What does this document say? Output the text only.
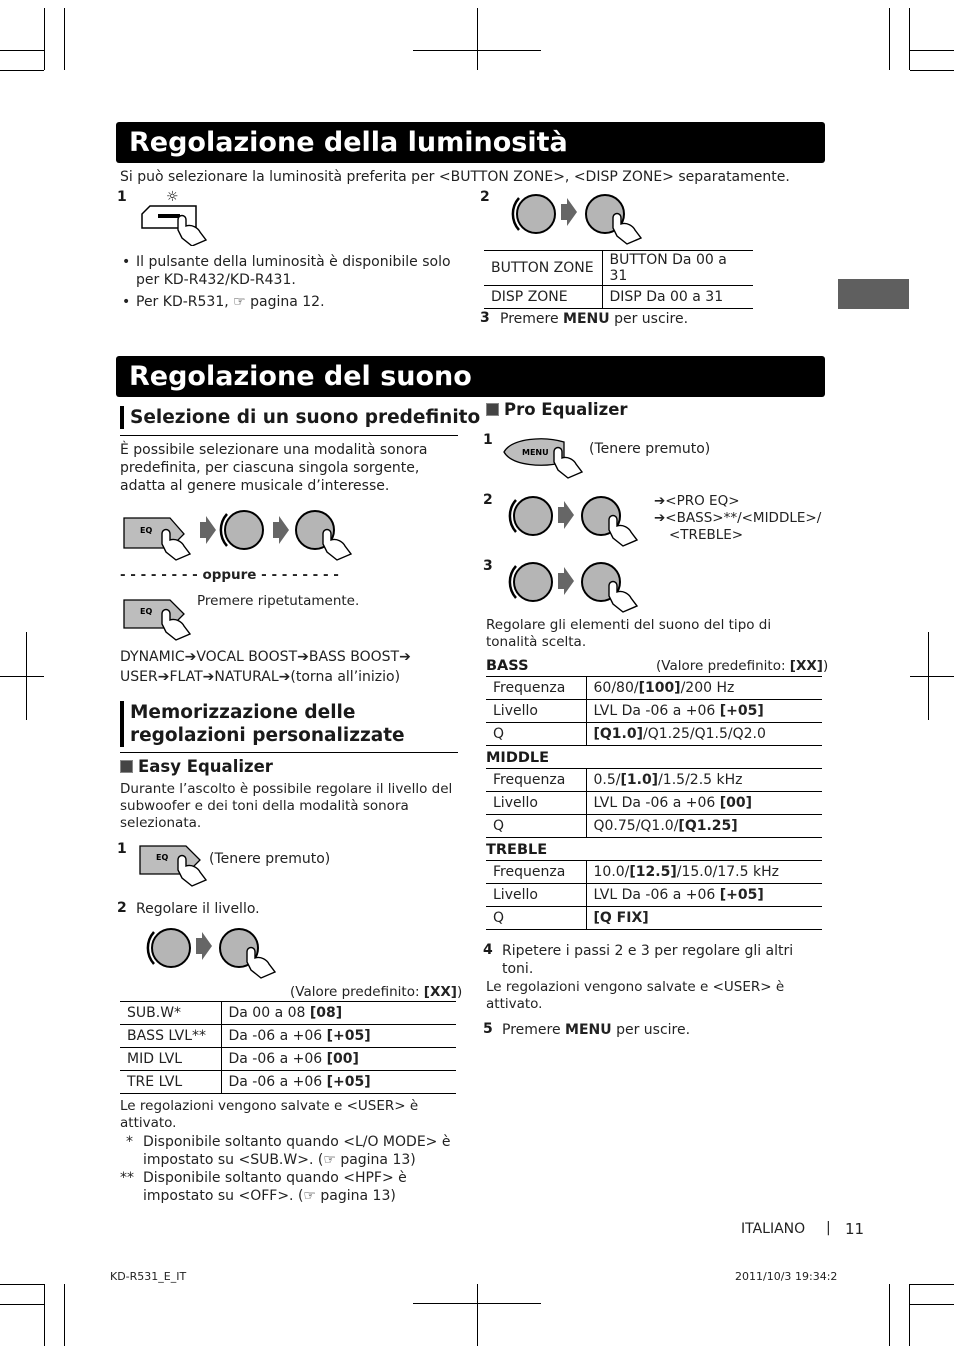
Regolazione della luminosità
Si può selezionare la luminosità preferita per <BUTTON ZONE>, <DISP ZONE> separatamente.
1	☼	2
• Il pulsante della luminosità è disponibile solo per KD-R432/KD-R431.
• Per KD-R531, ☞ pagina 12.
BUTTON ZONE	BUTTON Da 00 a 31
DISP ZONE	DISP Da 00 a 31
3 Premere MENU per uscire.
Regolazione del suono
Selezione di un suono predefinito
È possibile selezionare una modalità sonora predefinita, per ciascuna singola sorgente, adatta al genere musicale d’interesse.
EQ
- - - - - - - - oppure - - - - - - - -
EQ
Premere ripetutamente.
DYNAMIC➔VOCAL BOOST➔BASS BOOST➔
USER➔FLAT➔NATURAL➔(torna all’inizio)
Memorizzazione delle
regolazioni personalizzate
Easy Equalizer
Durante l’ascolto è possibile regolare il livello del subwoofer e dei toni della modalità sonora selezionata.
1
EQ	(Tenere premuto)
2 Regolare il livello.
(Valore predefinito: [XX])
SUB.W*	Da 00 a 08 [08]
BASS LVL**	Da -06 a +06 [+05]
MID LVL	Da -06 a +06 [00]
TRE LVL	Da -06 a +06 [+05]
Le regolazioni vengono salvate e <USER> è attivato.
* Disponibile soltanto quando <L/O MODE> è impostato su <SUB.W>. (☞ pagina 13)
** Disponibile soltanto quando <HPF> è impostato su <OFF>. (☞ pagina 13)
Pro Equalizer
1
MENU	(Tenere premuto)
2	➔<PRO EQ>
➔<BASS>**/<MIDDLE>/
<TREBLE>
3
Regolare gli elementi del suono del tipo di tonalità scelta.
BASS	(Valore predefinito: [XX])
Frequenza	60/80/[100]/200 Hz
Livello	LVL Da -06 a +06 [+05]
Q	[Q1.0]/Q1.25/Q1.5/Q2.0
MIDDLE
Frequenza	0.5/[1.0]/1.5/2.5 kHz
Livello	LVL Da -06 a +06 [00]
Q	Q0.75/Q1.0/[Q1.25]
TREBLE
Frequenza	10.0/[12.5]/15.0/17.5 kHz
Livello	LVL Da -06 a +06 [+05]
Q	[Q FIX]
4 Ripetere i passi 2 e 3 per regolare gli altri toni.
Le regolazioni vengono salvate e <USER> è attivato.
5 Premere MENU per uscire.
ITALIANO | 11
KD-R531_E_IT	2011/10/3 19:34:2
